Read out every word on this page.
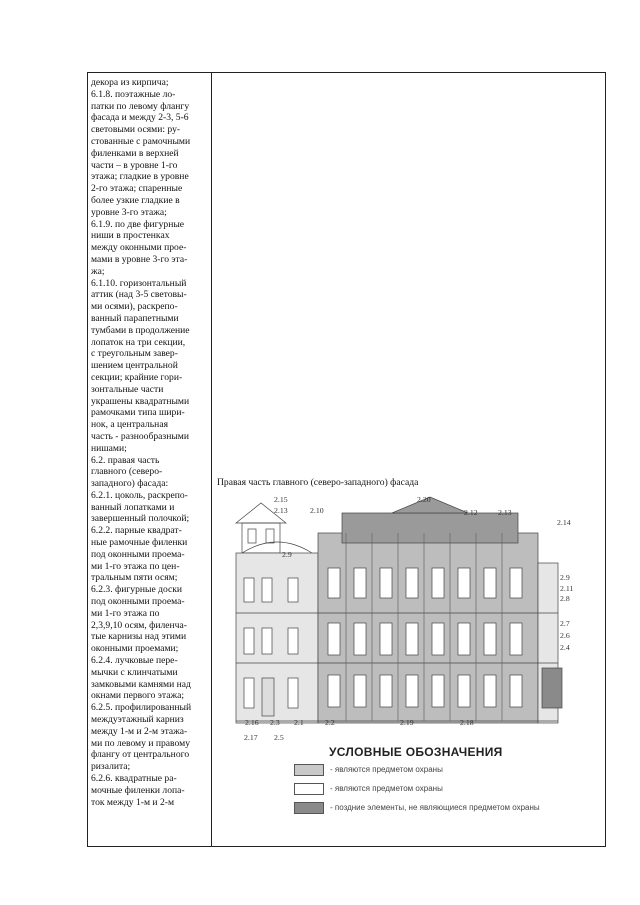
декора из кирпича;
6.1.8. поэтажные ло-
патки по левому флангу
фасада и между 2-3, 5-6
световыми осями: ру-
стованные с рамочными
филенками в верхней
части – в уровне 1-го
этажа; гладкие в уровне
2-го этажа; спаренные
более узкие гладкие в
уровне 3-го этажа;
6.1.9. по две фигурные
ниши в простенках
между оконными прое-
мами в уровне 3-го эта-
жа;
6.1.10. горизонтальный
аттик (над 3-5 световы-
ми осями), раскрепо-
ванный парапетными
тумбами в продолжение
лопаток на три секции,
с треугольным завер-
шением центральной
секции; крайние гори-
зонтальные части
украшены квадратными
рамочками типа шири-
нок, а центральная
часть - разнообразными
нишами;
6.2. правая часть
главного (северо-
западного) фасада:
6.2.1. цоколь, раскрепо-
ванный лопатками и
завершенный полочкой;
6.2.2. парные квадрат-
ные рамочные филенки
под оконными проема-
ми 1-го этажа по цен-
тральным пяти осям;
6.2.3. фигурные доски
под оконными проема-
ми 1-го этажа по
2,3,9,10 осям, филенча-
тые карнизы над этими
оконными проемами;
6.2.4. лучковые пере-
мычки с клинчатыми
замковыми камнями над
окнами первого этажа;
6.2.5. профилированный
междуэтажный карниз
между 1-м и 2-м этажа-
ми по левому и правому
флангу от центрального
ризалита;
6.2.6. квадратные ра-
мочные филенки лопа-
ток между 1-м и 2-м
Правая часть главного (северо-западного) фасада
2.15
2.13	2.10
2.20
2.12	2.13
2.14
2.9
2.9
2.11
2.8
2.7
2.6
2.4
2.16 2.3 2.1	2.2	2.19	2.18
2.17 2.5
УСЛОВНЫЕ ОБОЗНАЧЕНИЯ
- являются предметом охраны
- являются предметом охраны
- поздние элементы, не являющиеся предметом охраны
